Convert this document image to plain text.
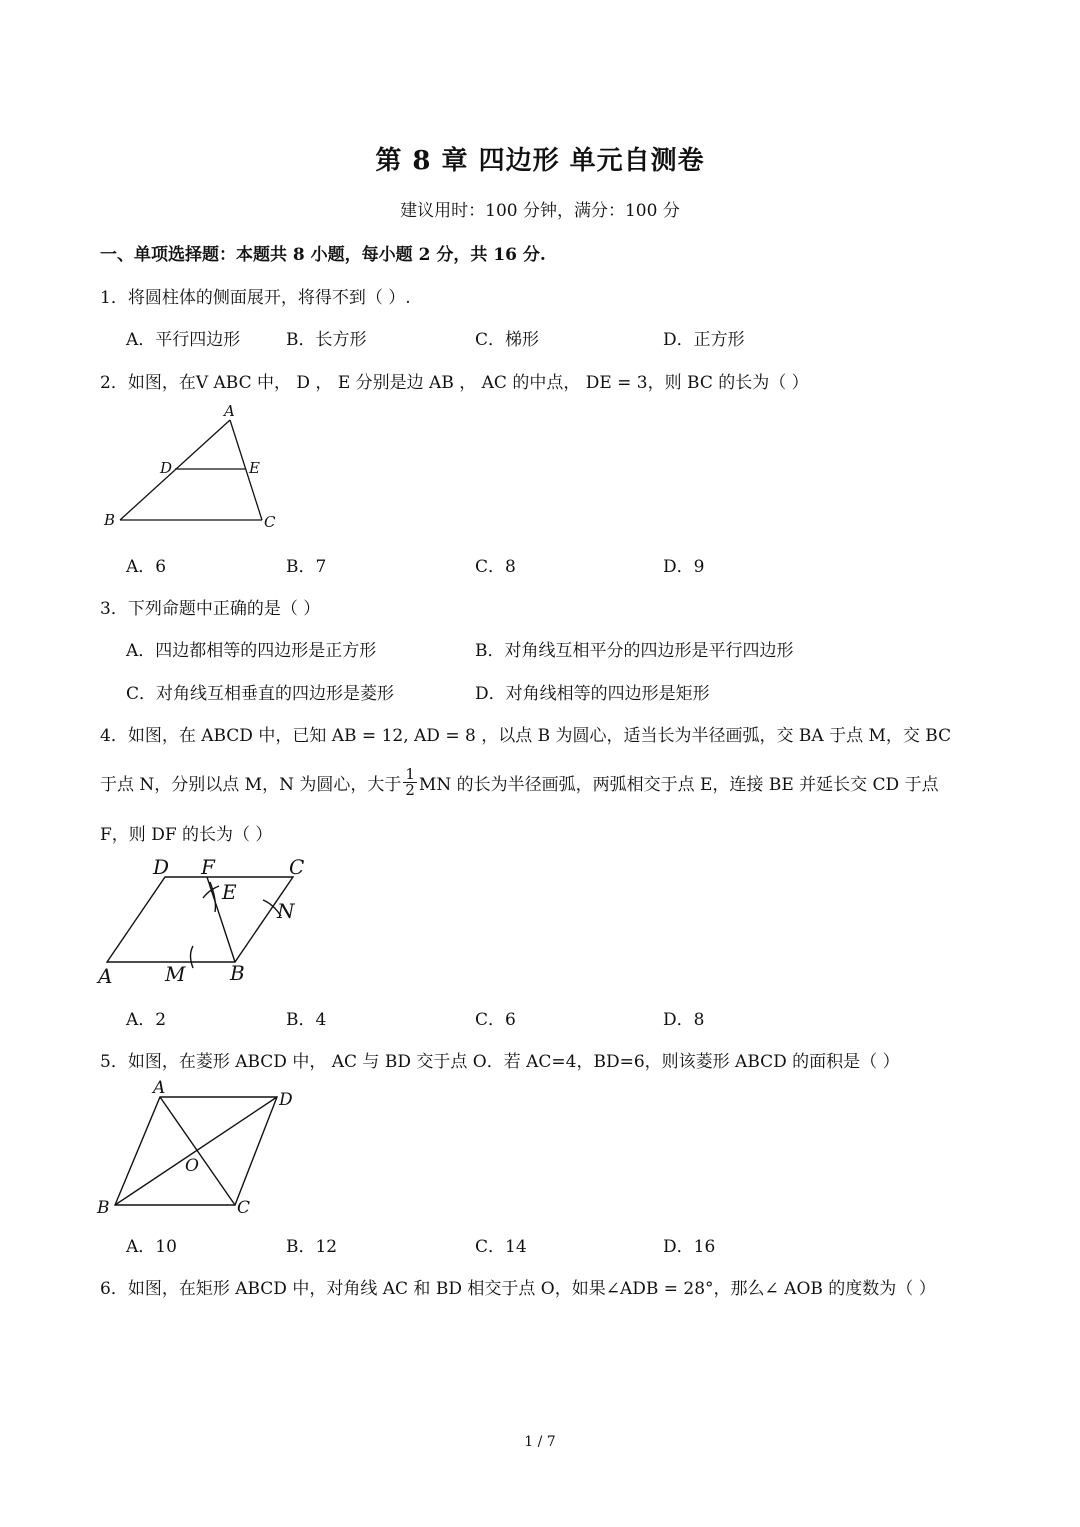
第 8 章 四边形 单元自测卷
建议用时：100 分钟，满分：100 分
一、单项选择题：本题共 8 小题，每小题 2 分，共 16 分.
1．将圆柱体的侧面展开，将得不到（ ）.
A．平行四边形	B．长方形	C．梯形	D．正方形
2．如图，在V ABC 中， D ， E 分别是边 AB ， AC 的中点， DE = 3，则 BC 的长为（ ）
A
D	E
B	C
A．6	B．7	C．8	D．9
3．下列命题中正确的是（ ）
A．四边都相等的四边形是正方形	B．对角线互相平分的四边形是平行四边形
C．对角线互相垂直的四边形是菱形	D．对角线相等的四边形是矩形
4．如图，在 ABCD 中，已知 AB = 12, AD = 8 ，以点 B 为圆心，适当长为半径画弧，交 BA 于点 M，交 BC
于点 N，分别以点 M，N 为圆心，大于 $\frac{1}{2}$ MN 的长为半径画弧，两弧相交于点 E，连接 BE 并延长交 CD 于点
F，则 DF 的长为（ ）
D F	C
E
N
A	M B
A．2	B．4	C．6	D．8
5．如图，在菱形 ABCD 中， AC 与 BD 交于点 O．若 AC=4，BD=6，则该菱形 ABCD 的面积是（ ）
A
D
O
B	C
A．10	B．12	C．14	D．16
6．如图，在矩形 ABCD 中，对角线 AC 和 BD 相交于点 O，如果∠ADB = 28°，那么∠ AOB 的度数为（ ）
1 / 7
